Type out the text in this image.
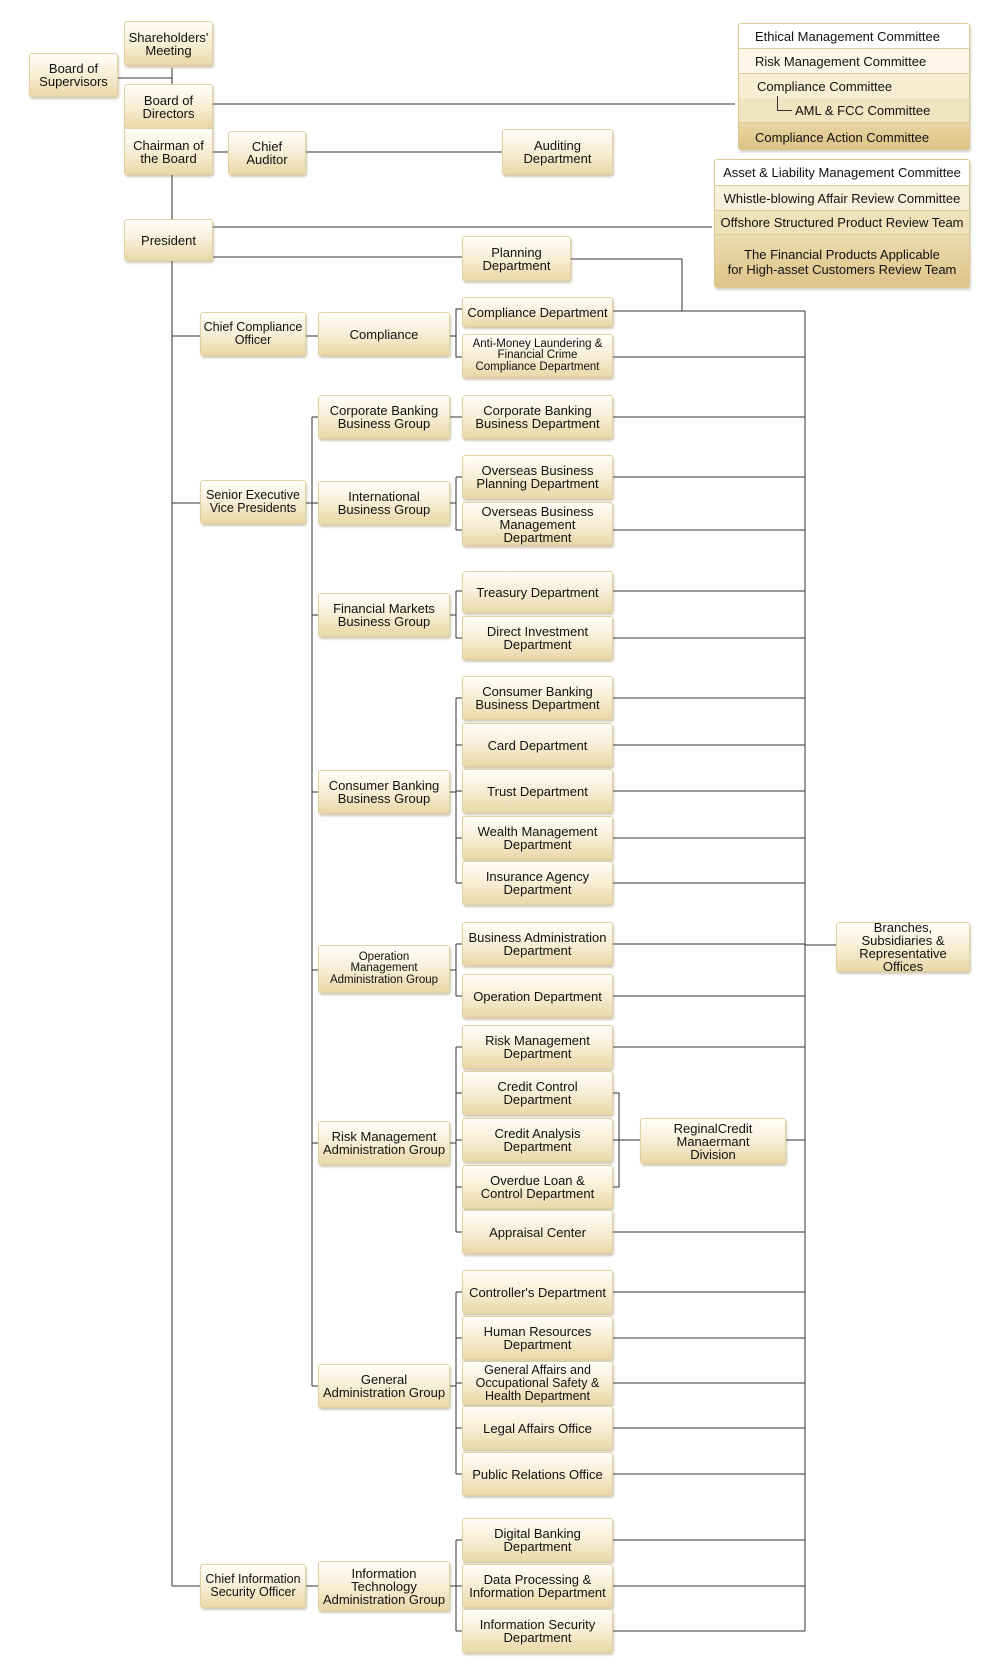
Shareholders'
Meeting
Board of
Supervisors
Board of
Directors
Chairman of
the Board
Chief Auditor
Auditing
Department
President
Planning
Department
Ethical Management Committee
Risk Management Committee
Compliance Committee
AML & FCC Committee
Compliance Action Committee
Asset & Liability Management Committee
Whistle-blowing Affair Review Committee
Offshore Structured Product Review Team
The Financial Products Applicable
for High-asset Customers Review Team
Chief Compliance
Officer
Senior Executive
Vice Presidents
Chief Information
Security Officer
Compliance
Corporate Banking
Business Group
International
Business Group
Financial Markets
Business Group
Consumer Banking
Business Group
Operation
Management
Administration Group
Risk Management
Administration Group
General
Administration Group
Information
Technology
Administration Group
Compliance Department
Anti-Money Laundering &
Financial Crime
Compliance Department
Corporate Banking
Business Department
Overseas Business
Planning Department
Overseas Business
Management Department
Treasury Department
Direct Investment
Department
Consumer Banking
Business Department
Card Department
Trust Department
Wealth Management
Department
Insurance Agency
Department
Business Administration
Department
Operation Department
Risk Management
Department
Credit Control
Department
Credit Analysis
Department
Overdue Loan &
Control Department
Appraisal Center
ReginalCredit
Manaermant
Division
Controller's Department
Human Resources
Department
General Affairs and
Occupational Safety &
Health Department
Legal Affairs Office
Public Relations Office
Digital Banking
Department
Data Processing &
Information Department
Information Security
Department
Branches,
Subsidiaries &
Representative Offices
